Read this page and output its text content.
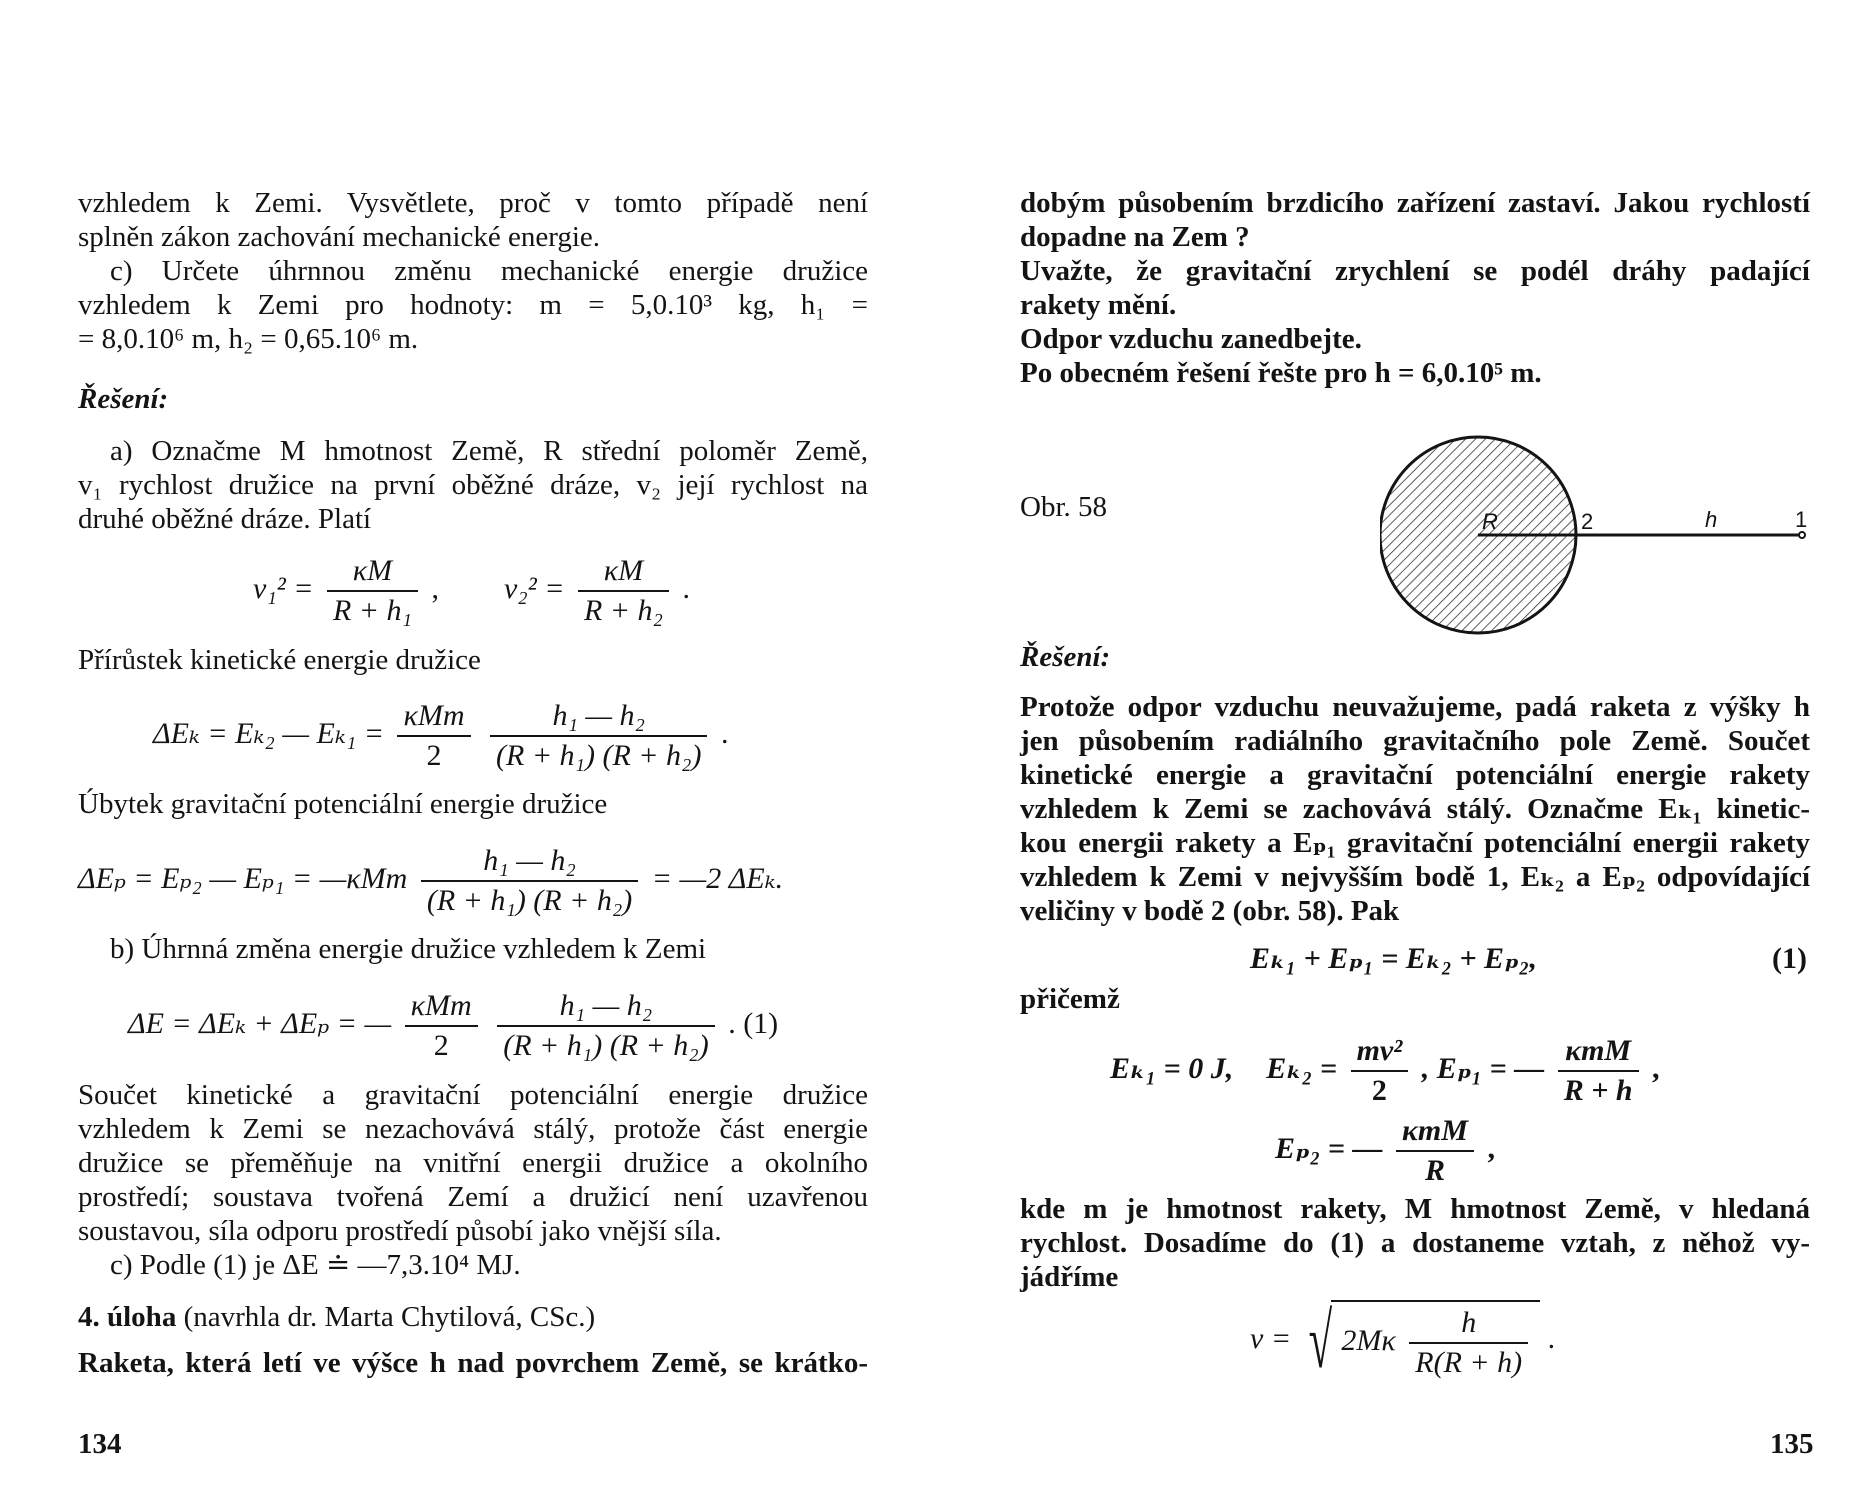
vzhledem k Zemi. Vysvětlete, proč v tomto případě není
splněn zákon zachování mechanické energie.
c) Určete úhrnnou změnu mechanické energie družice
vzhledem k Zemi pro hodnoty: m = 5,0.10³ kg, h₁ =
= 8,0.10⁶ m, h₂ = 0,65.10⁶ m.
Řešení:
a) Označme M hmotnost Země, R střední poloměr Země,
v₁ rychlost družice na první oběžné dráze, v₂ její rychlost na
druhé oběžné dráze. Platí
$v_1^2 = \frac{\kappa M}{\text{R + h₁}}$ , $v_2^2 = \frac{\kappa M}{\text{R + h₂}}$ .
Přírůstek kinetické energie družice
ΔEₖ = Eₖ₂ — $E_{k1} = \frac{\text{κMm}}{2}$
$\frac{\text{h₁ — h₂}}{\text{(R + h₁) (R + h₂)}}$ .
Úbytek gravitační potenciální energie družice
ΔEₚ = Eₚ₂ — Eₚ₁ = —κMm $\frac{\text{h₁ — h₂}}{\text{(R + h₁) (R + h₂)}}$ = —2 ΔEₖ.
b) Úhrnná změna energie družice vzhledem k Zemi
ΔE = ΔEₖ + ΔEₚ = — $\frac{\text{κMm}}{2}$
$\frac{\text{h₁ — h₂}}{\text{(R + h₁) (R + h₂)}}$ . (1)
Součet kinetické a gravitační potenciální energie družice
vzhledem k Zemi se nezachovává stálý, protože část energie
družice se přeměňuje na vnitřní energii družice a okolního
prostředí; soustava tvořená Zemí a družicí není uzavřenou
soustavou, síla odporu prostředí působí jako vnější síla.
c) Podle (1) je ΔE ≐ —7,3.10⁴ MJ.
4. úloha (navrhla dr. Marta Chytilová, CSc.)
Raketa, která letí ve výšce h nad povrchem Země, se krátko-
134
dobým působením brzdicího zařízení zastaví. Jakou rychlostí
dopadne na Zem ?
Uvažte, že gravitační zrychlení se podél dráhy padající
rakety mění.
Odpor vzduchu zanedbejte.
Po obecném řešení řešte pro h = 6,0.10⁵ m.
Obr. 58	R	2	h	1
Řešení:
Protože odpor vzduchu neuvažujeme, padá raketa z výšky h
jen působením radiálního gravitačního pole Země. Součet
kinetické energie a gravitační potenciální energie rakety
vzhledem k Zemi se zachovává stálý. Označme Eₖ₁ kinetic-
kou energii rakety a Eₚ₁ gravitační potenciální energii rakety
vzhledem k Zemi v nejvyšším bodě 1, Eₖ₂ a Eₚ₂ odpovídající
veličiny v bodě 2 (obr. 58). Pak
Eₖ₁ + Eₚ₁ = Eₖ₂ + Eₚ₂,	(1)
přičemž
Eₖ₁ = 0 J, $E_{k2} = \frac{\text{mv²}}{2}$ , Eₚ₁ = — $\frac{\text{κmM}}{R + h}$ ,
Eₚ₂ = — $\frac{\text{κmM}}{R}$ ,
kde m je hmotnost rakety, M hmotnost Země, v hledaná
rychlost. Dosadíme do (1) a dostaneme vztah, z něhož vy-
jádříme
v = √ $2M\kappa \frac{h}{R(R + h)}$ .
135
